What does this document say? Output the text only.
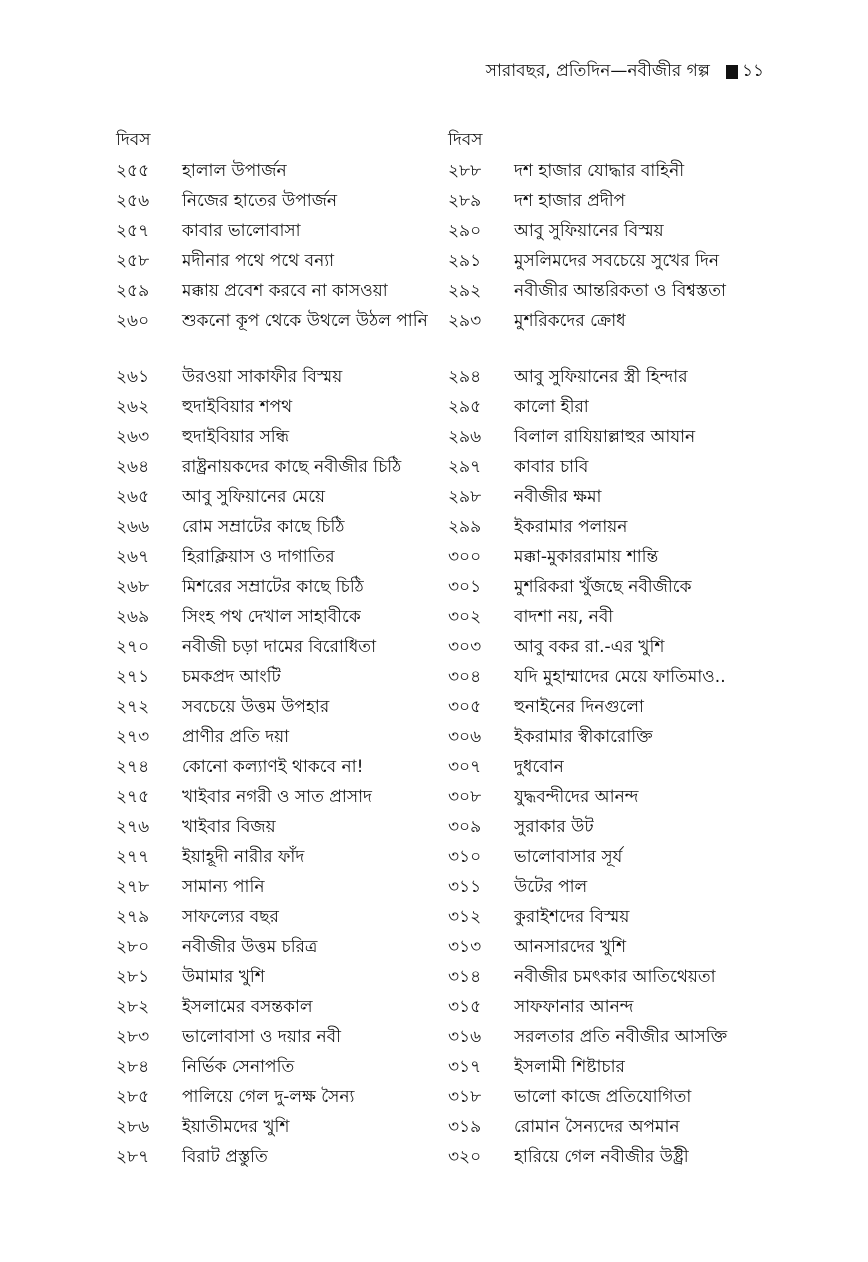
সারাবছর, প্রতিদিন—নবীজীর গল্প ১১
দিবস
২৫৫	হালাল উপার্জন
২৫৬	নিজের হাতের উপার্জন
২৫৭	কাবার ভালোবাসা
২৫৮	মদীনার পথে পথে বন্যা
২৫৯	মক্কায় প্রবেশ করবে না কাসওয়া
২৬০	শুকনো কূপ থেকে উথলে উঠল পানি
২৬১	উরওয়া সাকাফীর বিস্ময়
২৬২	হুদাইবিয়ার শপথ
২৬৩	হুদাইবিয়ার সন্ধি
২৬৪	রাষ্ট্রনায়কদের কাছে নবীজীর চিঠি
২৬৫	আবু সুফিয়ানের মেয়ে
২৬৬	রোম সম্রাটের কাছে চিঠি
২৬৭	হিরাক্লিয়াস ও দাগাতির
২৬৮	মিশরের সম্রাটের কাছে চিঠি
২৬৯	সিংহ পথ দেখাল সাহাবীকে
২৭০	নবীজী চড়া দামের বিরোধিতা
২৭১	চমকপ্রদ আংটি
২৭২	সবচেয়ে উত্তম উপহার
২৭৩	প্রাণীর প্রতি দয়া
২৭৪	কোনো কল্যাণই থাকবে না!
২৭৫	খাইবার নগরী ও সাত প্রাসাদ
২৭৬	খাইবার বিজয়
২৭৭	ইয়াহূদী নারীর ফাঁদ
২৭৮	সামান্য পানি
২৭৯	সাফল্যের বছর
২৮০	নবীজীর উত্তম চরিত্র
২৮১	উমামার খুশি
২৮২	ইসলামের বসন্তকাল
২৮৩	ভালোবাসা ও দয়ার নবী
২৮৪	নির্ভিক সেনাপতি
২৮৫	পালিয়ে গেল দু-লক্ষ সৈন্য
২৮৬	ইয়াতীমদের খুশি
২৮৭	বিরাট প্রস্তুতি
দিবস
২৮৮	দশ হাজার যোদ্ধার বাহিনী
২৮৯	দশ হাজার প্রদীপ
২৯০	আবু সুফিয়ানের বিস্ময়
২৯১	মুসলিমদের সবচেয়ে সুখের দিন
২৯২	নবীজীর আন্তরিকতা ও বিশ্বস্ততা
২৯৩	মুশরিকদের ক্রোধ
২৯৪	আবু সুফিয়ানের স্ত্রী হিন্দার
২৯৫	কালো হীরা
২৯৬	বিলাল রাযিয়াল্লাহুর আযান
২৯৭	কাবার চাবি
২৯৮	নবীজীর ক্ষমা
২৯৯	ইকরামার পলায়ন
৩০০	মক্কা-মুকাররামায় শান্তি
৩০১	মুশরিকরা খুঁজছে নবীজীকে
৩০২	বাদশা নয়, নবী
৩০৩	আবু বকর রা.-এর খুশি
৩০৪	যদি মুহাম্মাদের মেয়ে ফাতিমাও..
৩০৫	হুনাইনের দিনগুলো
৩০৬	ইকরামার স্বীকারোক্তি
৩০৭	দুধবোন
৩০৮	যুদ্ধবন্দীদের আনন্দ
৩০৯	সুরাকার উট
৩১০	ভালোবাসার সূর্য
৩১১	উটের পাল
৩১২	কুরাইশদের বিস্ময়
৩১৩	আনসারদের খুশি
৩১৪	নবীজীর চমৎকার আতিথেয়তা
৩১৫	সাফফানার আনন্দ
৩১৬	সরলতার প্রতি নবীজীর আসক্তি
৩১৭	ইসলামী শিষ্টাচার
৩১৮	ভালো কাজে প্রতিযোগিতা
৩১৯	রোমান সৈন্যদের অপমান
৩২০	হারিয়ে গেল নবীজীর উষ্ট্রী
